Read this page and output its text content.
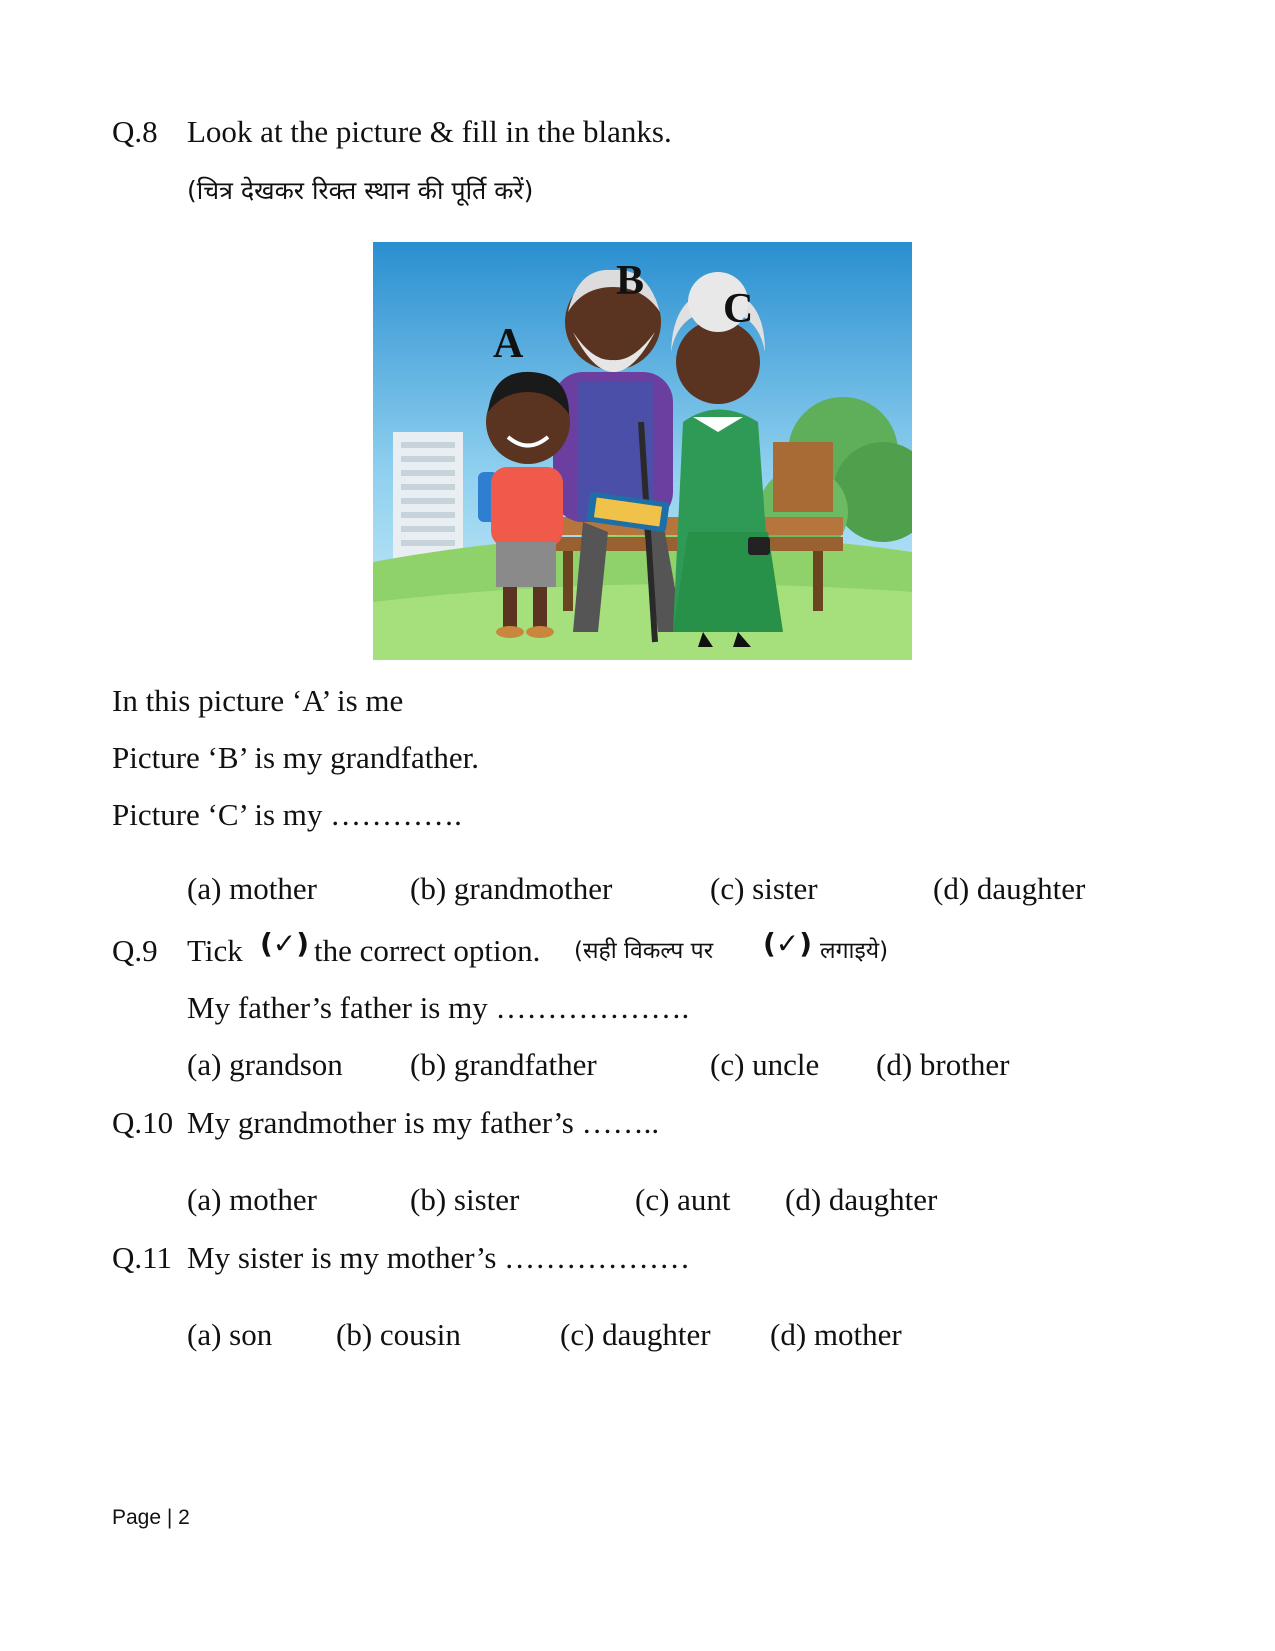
Q.8 Look at the picture & fill in the blanks.
(चित्र देखकर रिक्त स्थान की पूर्ति करें)
A
B
C
In this picture ‘A’ is me
Picture ‘B’ is my grandfather.
Picture ‘C’ is my ………….
(a) mother	(b) grandmother	(c) sister	(d) daughter
Q.9 Tick (✓) the correct option. (सही विकल्प पर (✓) लगाइये)
My father’s father is my ……………….
(a) grandson (b) grandfather	(c) uncle (d) brother
Q.10 My grandmother is my father’s ……..
(a) mother	(b) sister	(c) aunt (d) daughter
Q.11 My sister is my mother’s ………………
(a) son (b) cousin	(c) daughter (d) mother
Page | 2
